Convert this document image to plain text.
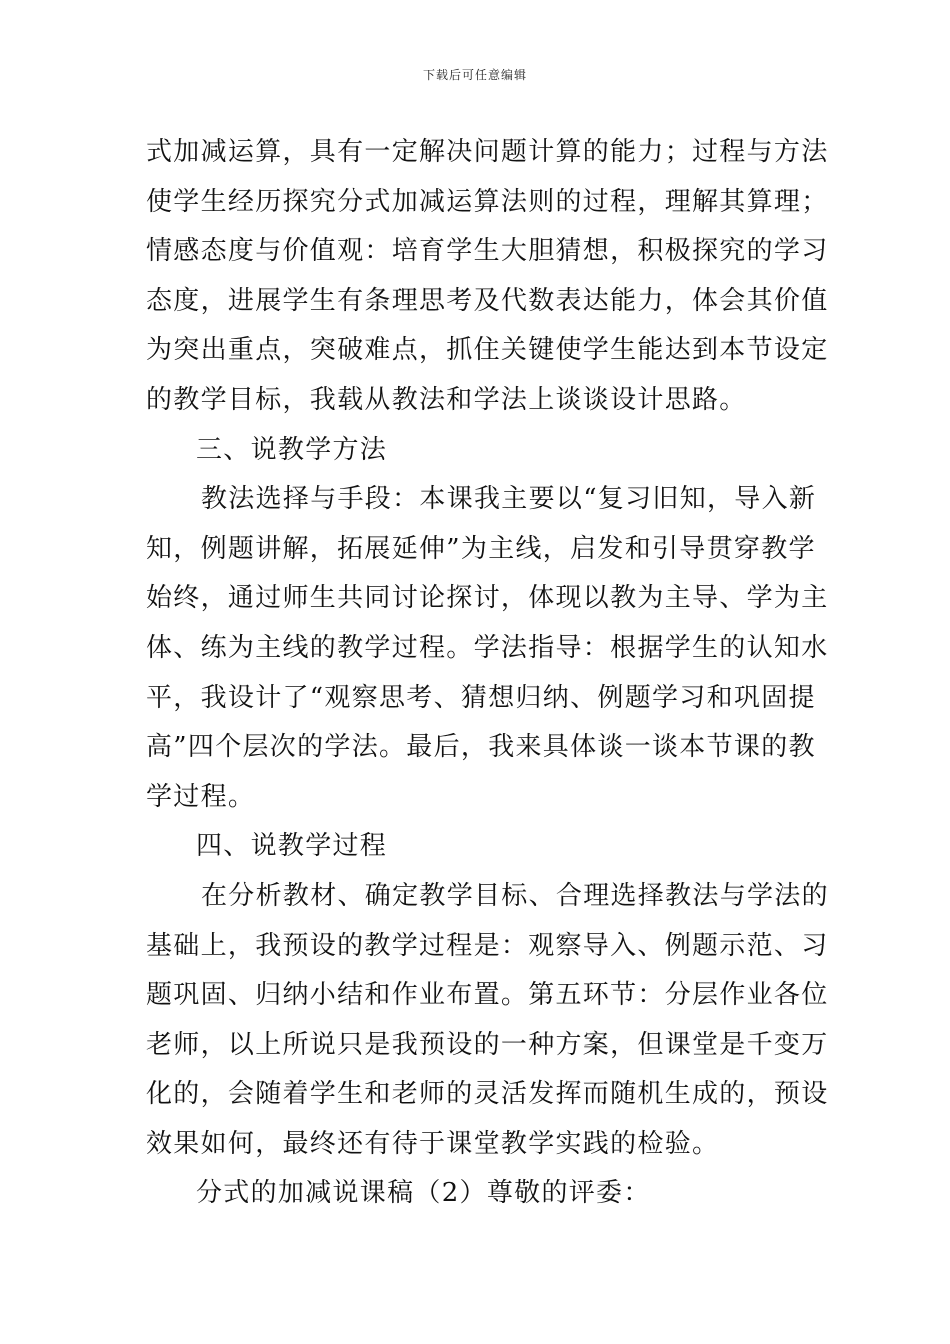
下载后可任意编辑
式加减运算，具有一定解决问题计算的能力；过程与方法
使学生经历探究分式加减运算法则的过程，理解其算理；
情感态度与价值观：培育学生大胆猜想，积极探究的学习
态度，进展学生有条理思考及代数表达能力，体会其价值
为突出重点，突破难点，抓住关键使学生能达到本节设定
的教学目标，我载从教法和学法上谈谈设计思路。
三、说教学方法
教法选择与手段：本课我主要以“复习旧知，导入新
知，例题讲解，拓展延伸”为主线，启发和引导贯穿教学
始终，通过师生共同讨论探讨，体现以教为主导、学为主
体、练为主线的教学过程。学法指导：根据学生的认知水
平，我设计了“观察思考、猜想归纳、例题学习和巩固提
高”四个层次的学法。最后，我来具体谈一谈本节课的教
学过程。
四、说教学过程
在分析教材、确定教学目标、合理选择教法与学法的
基础上，我预设的教学过程是：观察导入、例题示范、习
题巩固、归纳小结和作业布置。第五环节：分层作业各位
老师，以上所说只是我预设的一种方案，但课堂是千变万
化的，会随着学生和老师的灵活发挥而随机生成的，预设
效果如何，最终还有待于课堂教学实践的检验。
分式的加减说课稿（2）尊敬的评委：
